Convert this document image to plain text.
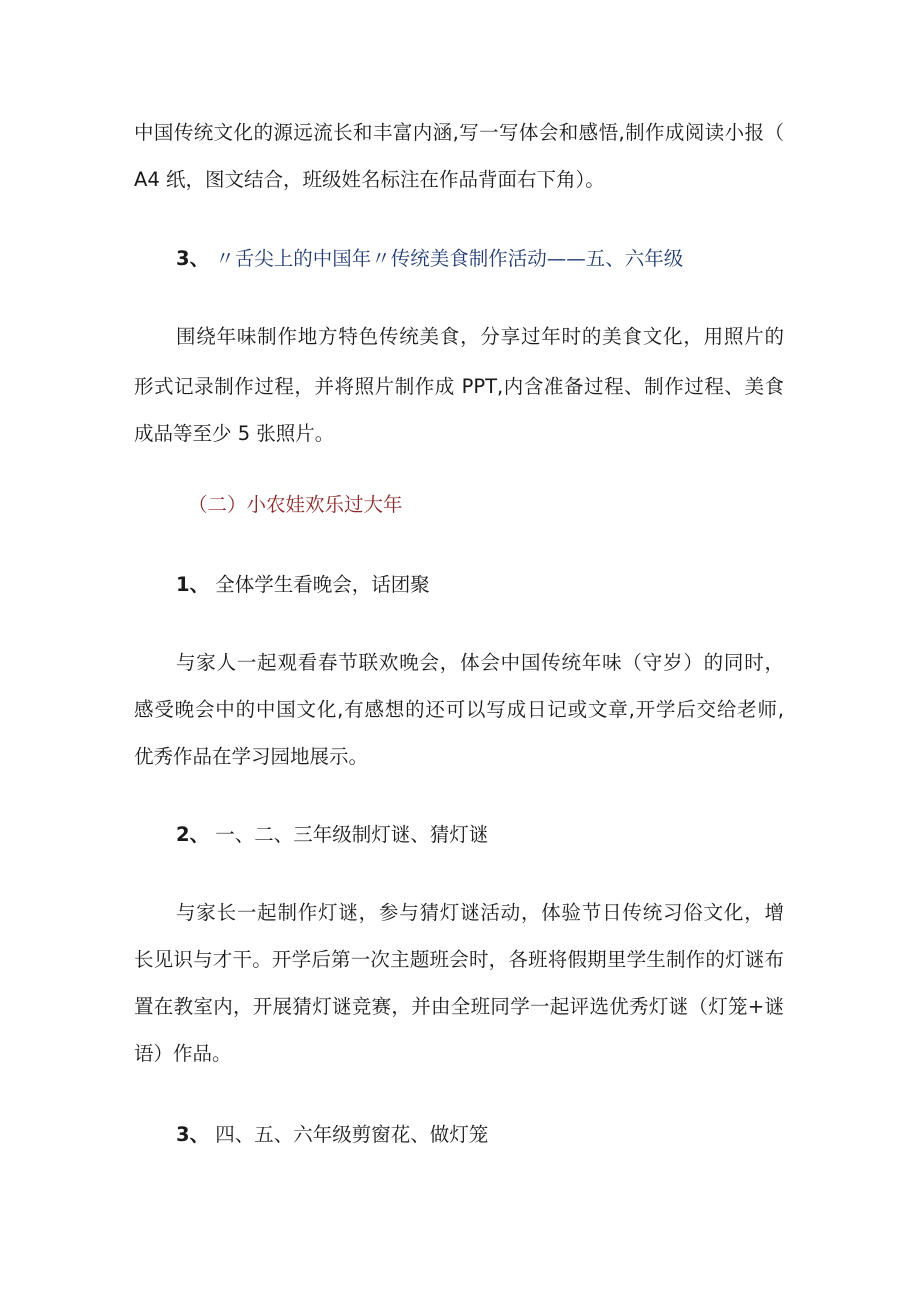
中国传统文化的源远流长和丰富内涵,写一写体会和感悟,制作成阅读小报（
A4 纸，图文结合，班级姓名标注在作品背面右下角）。
3、 〃舌尖上的中国年〃传统美食制作活动——五、六年级
围绕年味制作地方特色传统美食，分享过年时的美食文化，用照片的
形式记录制作过程，并将照片制作成 PPT,内含准备过程、制作过程、美食
成品等至少 5 张照片。
（二）小农娃欢乐过大年
1、 全体学生看晚会，话团聚
与家人一起观看春节联欢晚会，体会中国传统年味（守岁）的同时，
感受晚会中的中国文化,有感想的还可以写成日记或文章,开学后交给老师,
优秀作品在学习园地展示。
2、 一、二、三年级制灯谜、猜灯谜
与家长一起制作灯谜，参与猜灯谜活动，体验节日传统习俗文化，增
长见识与才干。开学后第一次主题班会时，各班将假期里学生制作的灯谜布
置在教室内，开展猜灯谜竞赛，并由全班同学一起评选优秀灯谜（灯笼+谜
语）作品。
3、 四、五、六年级剪窗花、做灯笼
